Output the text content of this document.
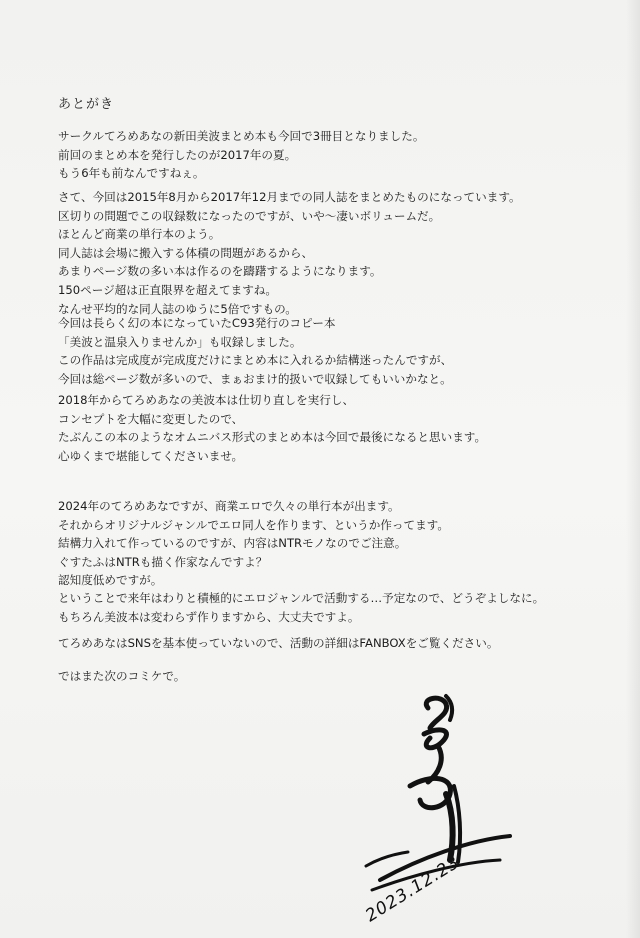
あとがき
サークルてろめあなの新田美波まとめ本も今回で3冊目となりました。
前回のまとめ本を発行したのが2017年の夏。
もう6年も前なんですねぇ。
さて、今回は2015年8月から2017年12月までの同人誌をまとめたものになっています。
区切りの問題でこの収録数になったのですが、いや〜凄いボリュームだ。
ほとんど商業の単行本のよう。
同人誌は会場に搬入する体積の問題があるから、
あまりページ数の多い本は作るのを躊躇するようになります。
150ページ超は正直限界を超えてますね。
なんせ平均的な同人誌のゆうに5倍ですもの。
今回は長らく幻の本になっていたC93発行のコピー本
「美波と温泉入りませんか」も収録しました。
この作品は完成度が完成度だけにまとめ本に入れるか結構迷ったんですが、
今回は総ページ数が多いので、まぁおまけ的扱いで収録してもいいかなと。
2018年からてろめあなの美波本は仕切り直しを実行し、
コンセプトを大幅に変更したので、
たぶんこの本のようなオムニバス形式のまとめ本は今回で最後になると思います。
心ゆくまで堪能してくださいませ。
2024年のてろめあなですが、商業エロで久々の単行本が出ます。
それからオリジナルジャンルでエロ同人を作ります、というか作ってます。
結構力入れて作っているのですが、内容はNTRモノなのでご注意。
ぐすたふはNTRも描く作家なんですよ？
認知度低めですが。
ということで来年はわりと積極的にエロジャンルで活動する…予定なので、どうぞよしなに。
もちろん美波本は変わらず作りますから、大丈夫ですよ。
てろめあなはSNSを基本使っていないので、活動の詳細はFANBOXをご覧ください。
ではまた次のコミケで。
2023.12.23
